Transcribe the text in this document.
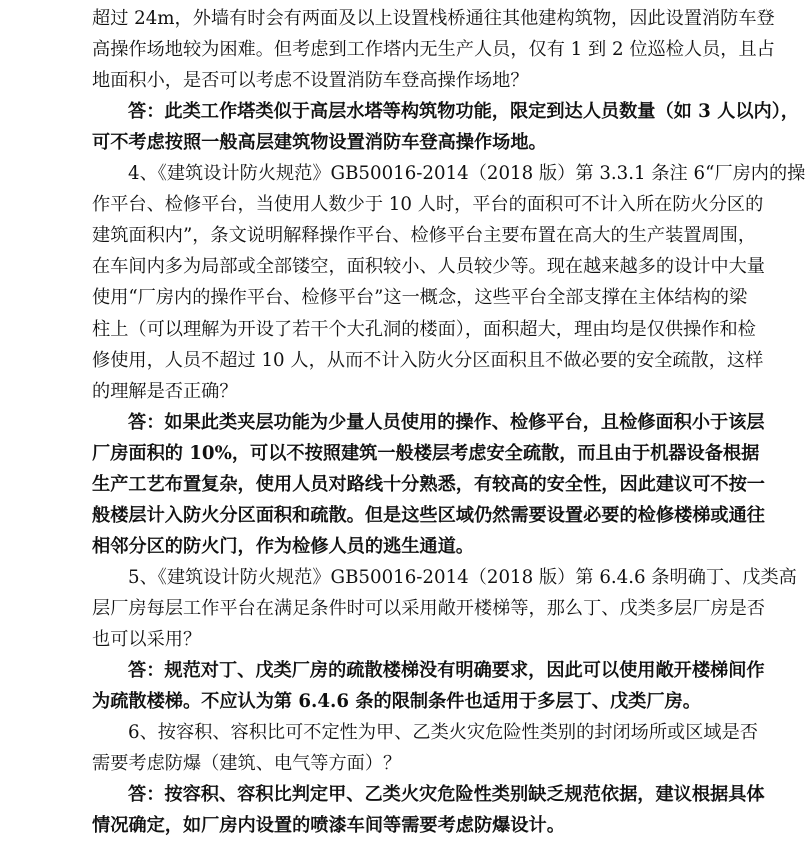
超过 24m，外墙有时会有两面及以上设置栈桥通往其他建构筑物，因此设置消防车登
高操作场地较为困难。但考虑到工作塔内无生产人员，仅有 1 到 2 位巡检人员，且占
地面积小，是否可以考虑不设置消防车登高操作场地？
答：此类工作塔类似于高层水塔等构筑物功能，限定到达人员数量（如 3 人以内），
可不考虑按照一般高层建筑物设置消防车登高操作场地。
4、《建筑设计防火规范》GB50016-2014（2018 版）第 3.3.1 条注 6“厂房内的操
作平台、检修平台，当使用人数少于 10 人时，平台的面积可不计入所在防火分区的
建筑面积内”，条文说明解释操作平台、检修平台主要布置在高大的生产装置周围，
在车间内多为局部或全部镂空，面积较小、人员较少等。现在越来越多的设计中大量
使用“厂房内的操作平台、检修平台”这一概念，这些平台全部支撑在主体结构的梁
柱上（可以理解为开设了若干个大孔洞的楼面），面积超大，理由均是仅供操作和检
修使用，人员不超过 10 人，从而不计入防火分区面积且不做必要的安全疏散，这样
的理解是否正确？
答：如果此类夹层功能为少量人员使用的操作、检修平台，且检修面积小于该层
厂房面积的 10%，可以不按照建筑一般楼层考虑安全疏散，而且由于机器设备根据
生产工艺布置复杂，使用人员对路线十分熟悉，有较高的安全性，因此建议可不按一
般楼层计入防火分区面积和疏散。但是这些区域仍然需要设置必要的检修楼梯或通往
相邻分区的防火门，作为检修人员的逃生通道。
5、《建筑设计防火规范》GB50016-2014（2018 版）第 6.4.6 条明确丁、戊类高
层厂房每层工作平台在满足条件时可以采用敞开楼梯等，那么丁、戊类多层厂房是否
也可以采用？
答：规范对丁、戊类厂房的疏散楼梯没有明确要求，因此可以使用敞开楼梯间作
为疏散楼梯。不应认为第 6.4.6 条的限制条件也适用于多层丁、戊类厂房。
6、按容积、容积比可不定性为甲、乙类火灾危险性类别的封闭场所或区域是否
需要考虑防爆（建筑、电气等方面）？
答：按容积、容积比判定甲、乙类火灾危险性类别缺乏规范依据，建议根据具体
情况确定，如厂房内设置的喷漆车间等需要考虑防爆设计。
